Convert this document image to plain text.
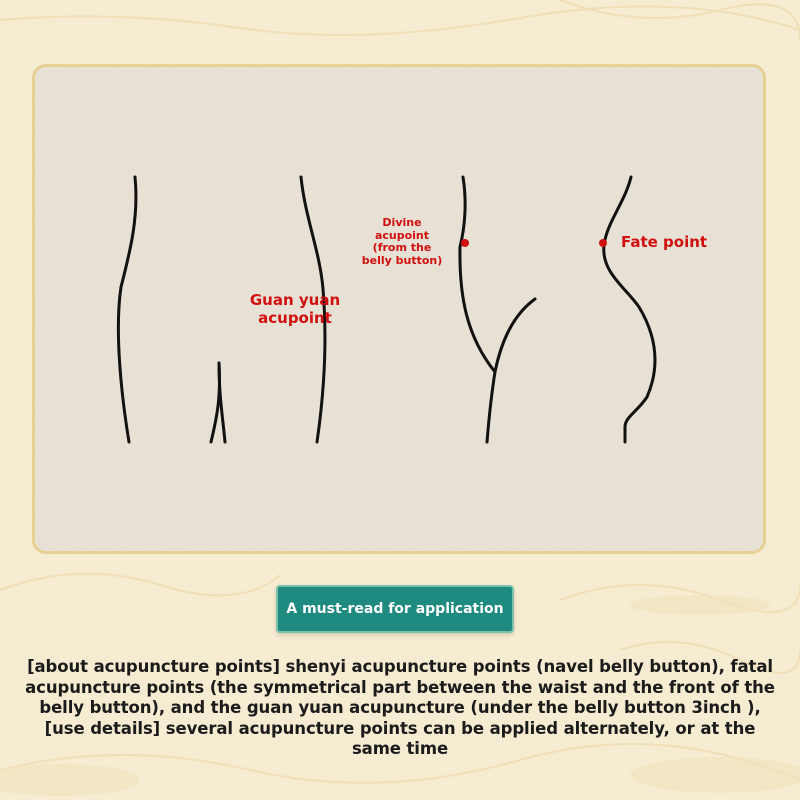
Guan yuan acupoint
Divine acupoint (from the belly button)
Fate point
A must-read for application
[about acupuncture points] shenyi acupuncture points (navel belly button), fatal acupuncture points (the symmetrical part between the waist and the front of the belly button), and the guan yuan acupuncture (under the belly button 3inch ), [use details] several acupuncture points can be applied alternately, or at the same time
